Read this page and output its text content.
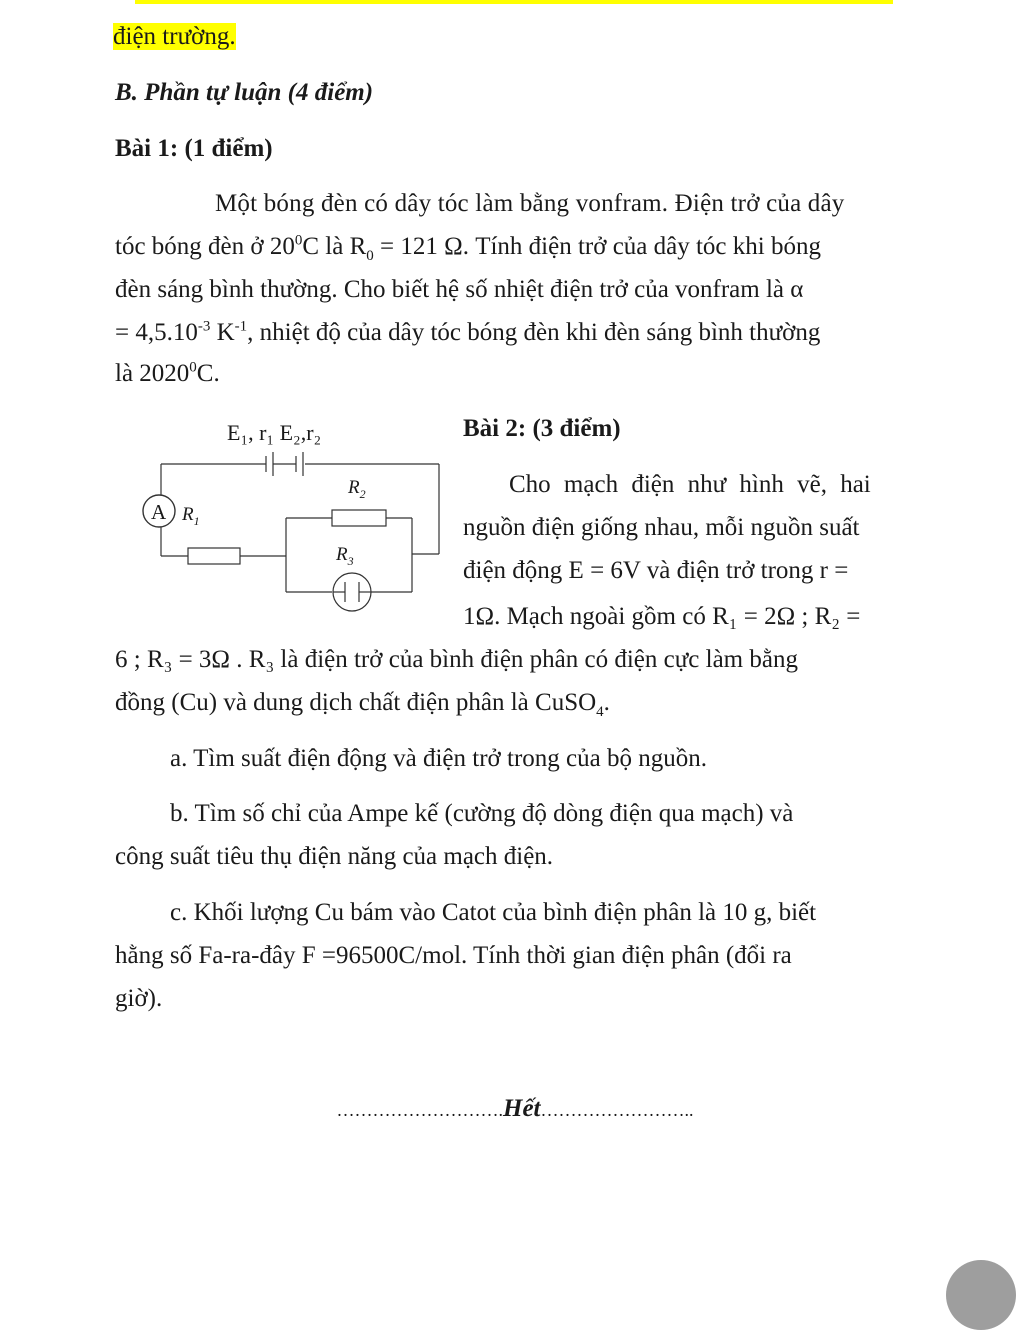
điện trường.
B. Phần tự luận (4 điểm)
Bài 1: (1 điểm)
Một bóng đèn có dây tóc làm bằng vonfram. Điện trở của dây
tóc bóng đèn ở $20^0C$ là $R_0 = 121$ Ω. Tính điện trở của dây tóc khi bóng
đèn sáng bình thường. Cho biết hệ số nhiệt điện trở của vonfram là α
= $4,5.10^{-3}$ $K^{-1}$, nhiệt độ của dây tóc bóng đèn khi đèn sáng bình thường
là 2020$^0$C.
E₁, r₁ E₂,r₂
A $R_1$
$R_2$
$R_3$
Bài 2: (3 điểm)
Cho mạch điện như hình vẽ, hai
nguồn điện giống nhau, mỗi nguồn suất
điện động E = 6V và điện trở trong r =
1Ω. Mạch ngoài gồm có R₁ = 2Ω ; R₂ =
6 ; R₃ = 3Ω . R₃ là điện trở của bình điện phân có điện cực làm bằng
đồng (Cu) và dung dịch chất điện phân là CuSO$_4$.
a. Tìm suất điện động và điện trở trong của bộ nguồn.
b. Tìm số chỉ của Ampe kế (cường độ dòng điện qua mạch) và
công suất tiêu thụ điện năng của mạch điện.
c. Khối lượng Cu bám vào Catot của bình điện phân là 10 g, biết
hằng số Fa-ra-đây F =96500C/mol. Tính thời gian điện phân (đổi ra
giờ).
……………………….Hết……………………..
